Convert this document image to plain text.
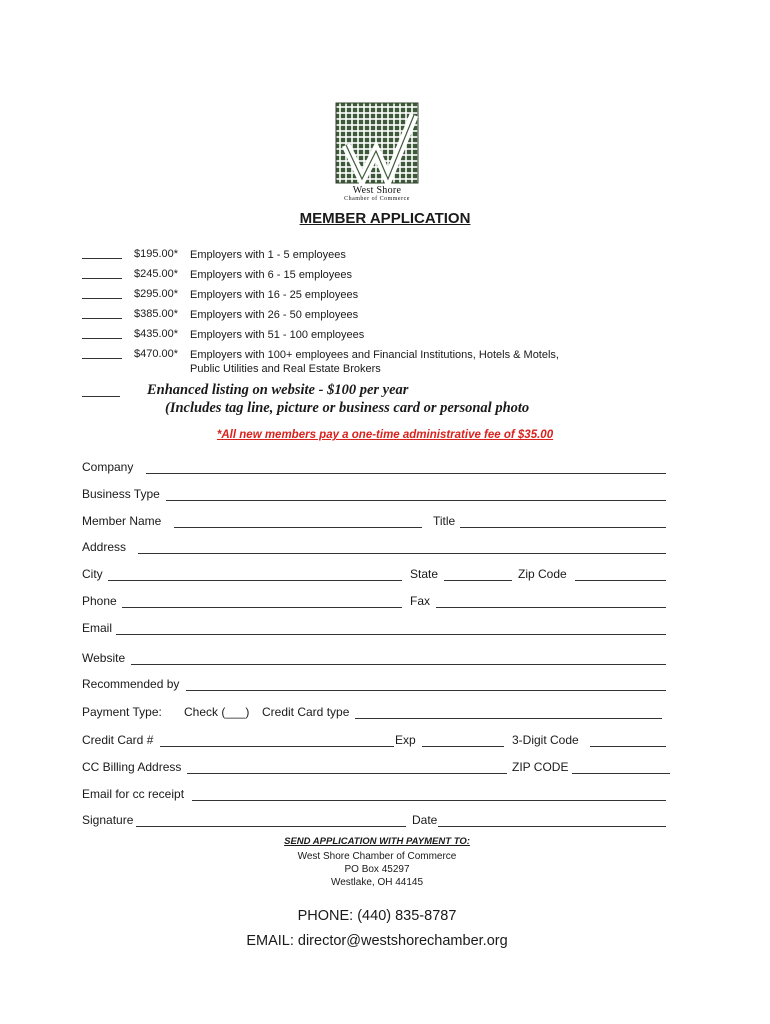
West Shore
Chamber of Commerce
MEMBER APPLICATION
$195.00* Employers with 1 - 5 employees
$245.00* Employers with 6 - 15 employees
$295.00* Employers with 16 - 25 employees
$385.00* Employers with 26 - 50 employees
$435.00* Employers with 51 - 100 employees
$470.00* Employers with 100+ employees and Financial Institutions, Hotels & Motels,
Public Utilities and Real Estate Brokers
Enhanced listing on website - $100 per year
(Includes tag line, picture or business card or personal photo
*All new members pay a one-time administrative fee of $35.00
Company
Business Type
Member Name	Title
Address
City	State	Zip Code
Phone	Fax
Email
Website
Recommended by
Payment Type: Check (___) Credit Card type
Credit Card #	Exp	3-Digit Code
CC Billing Address	ZIP CODE
Email for cc receipt
Signature	Date
SEND APPLICATION WITH PAYMENT TO:
West Shore Chamber of Commerce
PO Box 45297
Westlake, OH 44145
PHONE: (440) 835-8787
EMAIL: director@westshorechamber.org
